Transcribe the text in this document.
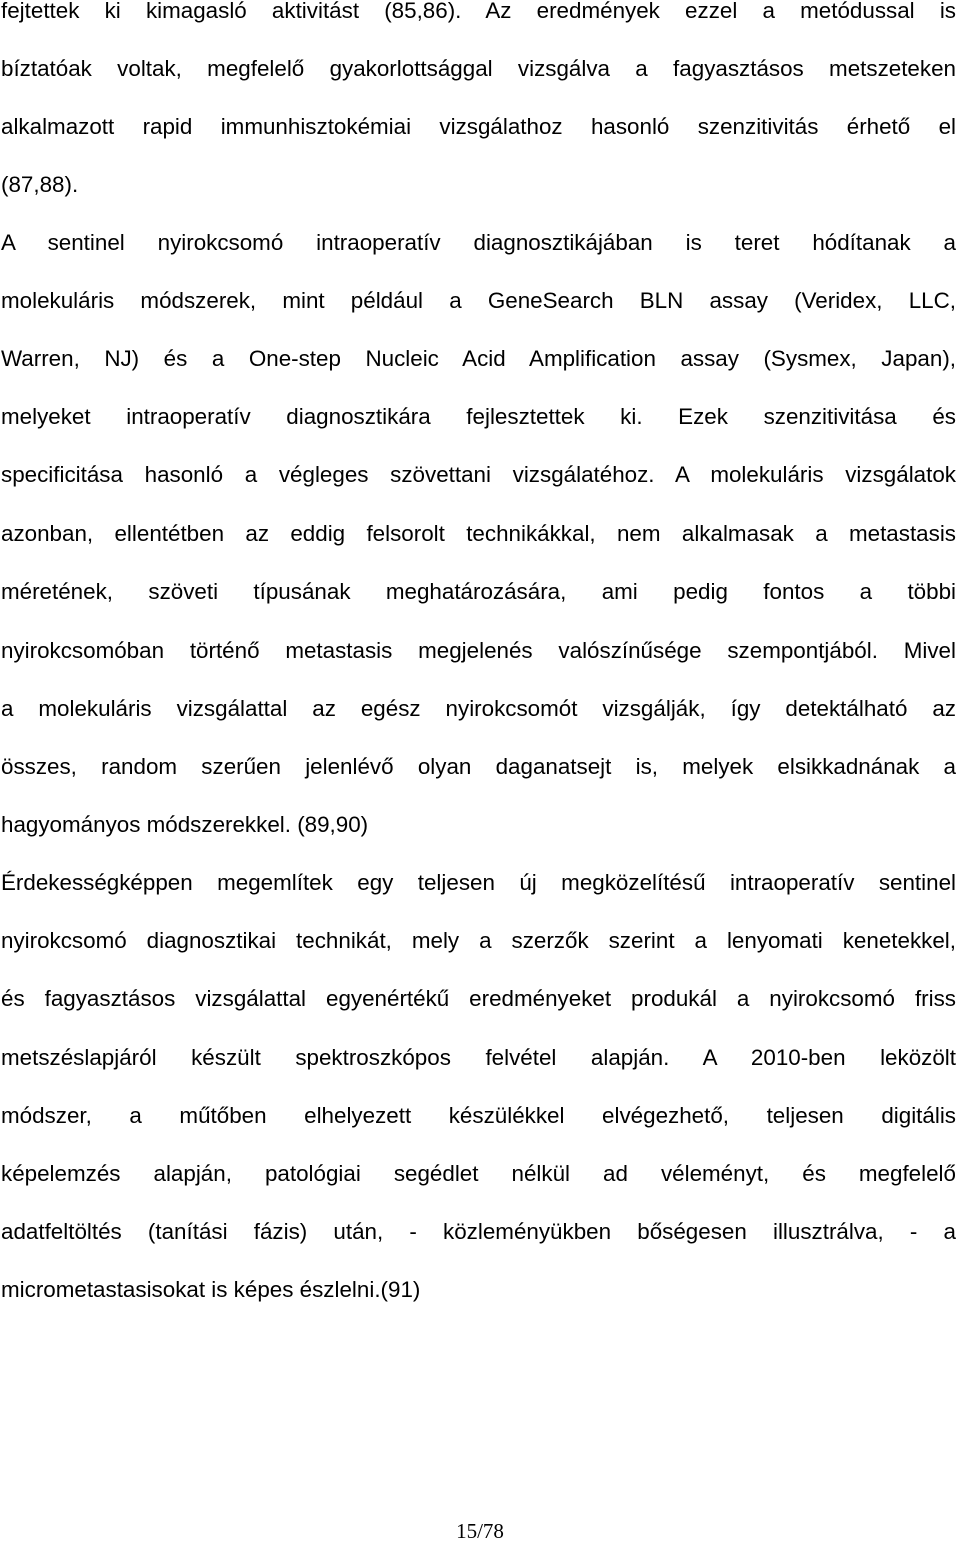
fejtettek ki kimagasló aktivitást (85,86). Az eredmények ezzel a metódussal is
bíztatóak voltak, megfelelő gyakorlottsággal vizsgálva a fagyasztásos metszeteken
alkalmazott rapid immunhisztokémiai vizsgálathoz hasonló szenzitivitás érhető el
(87,88).
A sentinel nyirokcsomó intraoperatív diagnosztikájában is teret hódítanak a
molekuláris módszerek, mint például a GeneSearch BLN assay (Veridex, LLC,
Warren, NJ) és a One-step Nucleic Acid Amplification assay (Sysmex, Japan),
melyeket intraoperatív diagnosztikára fejlesztettek ki. Ezek szenzitivitása és
specificitása hasonló a végleges szövettani vizsgálatéhoz. A molekuláris vizsgálatok
azonban, ellentétben az eddig felsorolt technikákkal, nem alkalmasak a metastasis
méretének, szöveti típusának meghatározására, ami pedig fontos a többi
nyirokcsomóban történő metastasis megjelenés valószínűsége szempontjából. Mivel
a molekuláris vizsgálattal az egész nyirokcsomót vizsgálják, így detektálható az
összes, random szerűen jelenlévő olyan daganatsejt is, melyek elsikkadnának a
hagyományos módszerekkel. (89,90)
Érdekességképpen megemlítek egy teljesen új megközelítésű intraoperatív sentinel
nyirokcsomó diagnosztikai technikát, mely a szerzők szerint a lenyomati kenetekkel,
és fagyasztásos vizsgálattal egyenértékű eredményeket produkál a nyirokcsomó friss
metszéslapjáról készült spektroszkópos felvétel alapján. A 2010-ben leközölt
módszer, a műtőben elhelyezett készülékkel elvégezhető, teljesen digitális
képelemzés alapján, patológiai segédlet nélkül ad véleményt, és megfelelő
adatfeltöltés (tanítási fázis) után, - közleményükben bőségesen illusztrálva, - a
micrometastasisokat is képes észlelni.(91)
15/78
